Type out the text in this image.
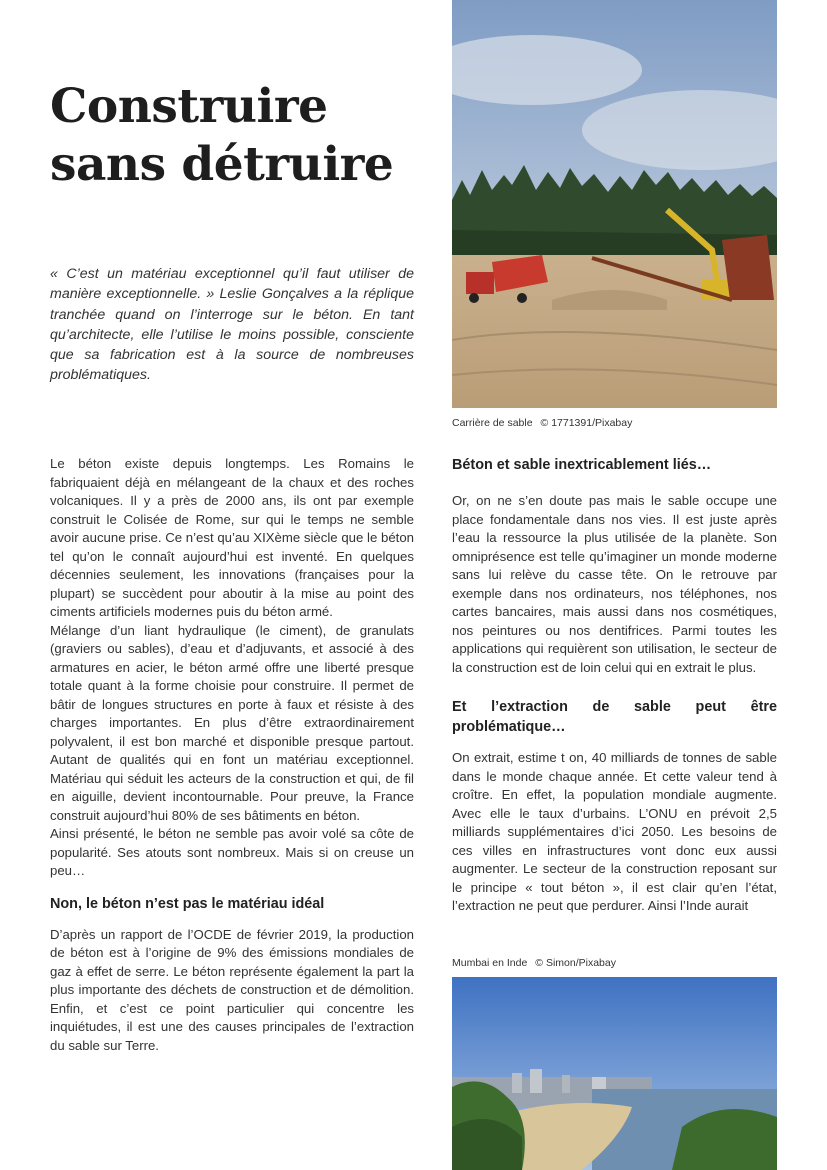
Construire
sans détruire

« C’est un matériau exceptionnel qu’il faut utiliser de manière exceptionnelle. » Leslie Gonçalves a la réplique tranchée quand on l’interroge sur le béton. En tant qu’architecte, elle l’utilise le moins possible, consciente que sa fabrication est à la source de nombreuses problématiques.

Carrière de sable © 1771391/Pixabay

Le béton existe depuis longtemps. Les Romains le fabriquaient déjà en mélangeant de la chaux et des roches volcaniques. Il y a près de 2000 ans, ils ont par exemple construit le Colisée de Rome, sur qui le temps ne semble avoir aucune prise. Ce n’est qu’au XIXème siècle que le béton tel qu’on le connaît aujourd’hui est inventé. En quelques décennies seulement, les innovations (françaises pour la plupart) se succèdent pour aboutir à la mise au point des ciments artificiels modernes puis du béton armé.

Mélange d’un liant hydraulique (le ciment), de granulats (graviers ou sables), d’eau et d’adjuvants, et associé à des armatures en acier, le béton armé offre une liberté presque totale quant à la forme choisie pour construire. Il permet de bâtir de longues structures en porte à faux et résiste à des charges importantes. En plus d’être extraordinairement polyvalent, il est bon marché et disponible presque partout. Autant de qualités qui en font un matériau exceptionnel. Matériau qui séduit les acteurs de la construction et qui, de fil en aiguille, devient incontournable. Pour preuve, la France construit aujourd’hui 80% de ses bâtiments en béton.

Ainsi présenté, le béton ne semble pas avoir volé sa côte de popularité. Ses atouts sont nombreux. Mais si on creuse un peu…

Non, le béton n’est pas le matériau idéal

D’après un rapport de l’OCDE de février 2019, la production de béton est à l’origine de 9% des émissions mondiales de gaz à effet de serre. Le béton représente également la part la plus importante des déchets de construction et de démolition. Enfin, et c’est ce point particulier qui concentre les inquiétudes, il est une des causes principales de l’extraction du sable sur Terre.

Béton et sable inextricablement liés…

Or, on ne s’en doute pas mais le sable occupe une place fondamentale dans nos vies. Il est juste après l’eau la ressource la plus utilisée de la planète. Son omniprésence est telle qu’imaginer un monde moderne sans lui relève du casse tête. On le retrouve par exemple dans nos ordinateurs, nos téléphones, nos cartes bancaires, mais aussi dans nos cosmétiques, nos peintures ou nos dentifrices. Parmi toutes les applications qui requièrent son utilisation, le secteur de la construction est de loin celui qui en extrait le plus.

Et l’extraction de sable peut être problématique…

On extrait, estime t on, 40 milliards de tonnes de sable dans le monde chaque année. Et cette valeur tend à croître. En effet, la population mondiale augmente. Avec elle le taux d’urbains. L’ONU en prévoit 2,5 milliards supplémentaires d’ici 2050. Les besoins de ces villes en infrastructures vont donc eux aussi augmenter. Le secteur de la construction reposant sur le principe « tout béton », il est clair qu’en l’état, l’extraction ne peut que perdurer. Ainsi l’Inde aurait

Mumbai en Inde © Simon/Pixabay
